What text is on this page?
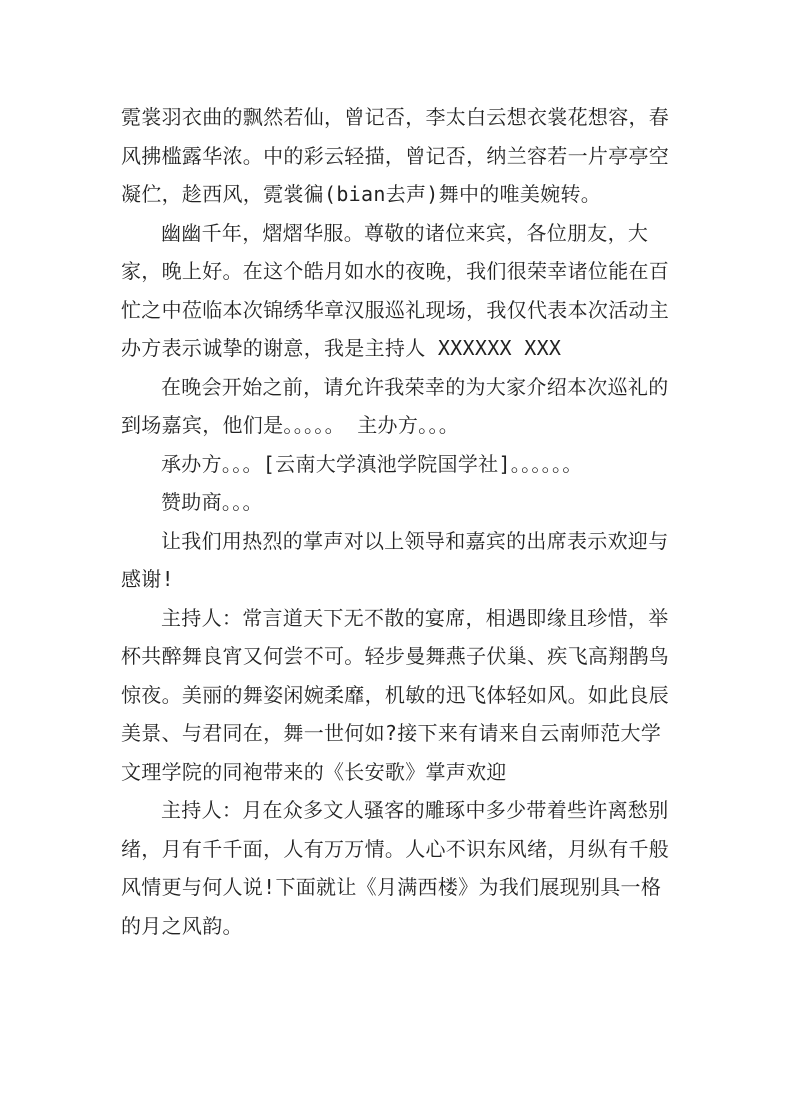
霓裳羽衣曲的飘然若仙，曾记否，李太白云想衣裳花想容，春风拂槛露华浓。中的彩云轻描，曾记否，纳兰容若一片亭亭空凝伫，趁西风，霓裳徧(bian去声)舞中的唯美婉转。

幽幽千年，熠熠华服。尊敬的诸位来宾，各位朋友，大家，晚上好。在这个皓月如水的夜晚，我们很荣幸诸位能在百忙之中莅临本次锦绣华章汉服巡礼现场，我仅代表本次活动主办方表示诚挚的谢意，我是主持人 XXXXXX XXX

在晚会开始之前，请允许我荣幸的为大家介绍本次巡礼的到场嘉宾，他们是。。。。。 主办方。。。

承办方。。。[云南大学滇池学院国学社]。。。。。。

赞助商。。。

让我们用热烈的掌声对以上领导和嘉宾的出席表示欢迎与感谢!

主持人：常言道天下无不散的宴席，相遇即缘且珍惜，举杯共醉舞良宵又何尝不可。轻步曼舞燕子伏巢、疾飞高翔鹊鸟惊夜。美丽的舞姿闲婉柔靡，机敏的迅飞体轻如风。如此良辰美景、与君同在，舞一世何如?接下来有请来自云南师范大学文理学院的同袍带来的《长安歌》掌声欢迎

主持人：月在众多文人骚客的雕琢中多少带着些许离愁别绪，月有千千面，人有万万情。人心不识东风绪，月纵有千般风情更与何人说!下面就让《月满西楼》为我们展现别具一格的月之风韵。
